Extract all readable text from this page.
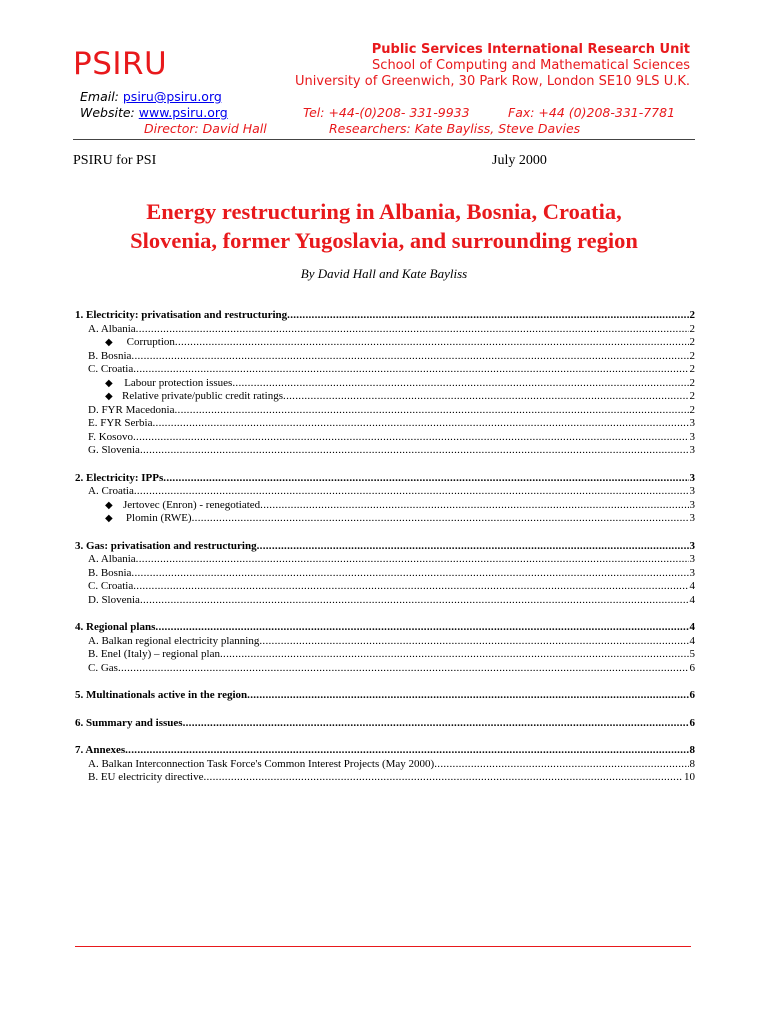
PSIRU	Public Services International Research Unit
School of Computing and Mathematical Sciences
University of Greenwich, 30 Park Row, London SE10 9LS U.K.
Email: psiru@psiru.org
Website: www.psiru.org	Tel: +44-(0)208- 331-9933	Fax: +44 (0)208-331-7781
Director: David Hall	Researchers: Kate Bayliss, Steve Davies
PSIRU for PSI	July 2000
Energy restructuring in Albania, Bosnia, Croatia,
Slovenia, former Yugoslavia, and surrounding region
By David Hall and Kate Bayliss
1. Electricity: privatisation and restructuring .....	2
A. Albania .....	2
◆	Corruption .....	2
B. Bosnia .....	2
C. Croatia .....	2
◆	Labour protection issues .....	2
◆ Relative private/public credit ratings .....	2
D. FYR Macedonia .....	2
E. FYR Serbia .....	3
F. Kosovo .....	3
G. Slovenia .....	3
2. Electricity: IPPs .....	3
A. Croatia .....	3
◆ Jertovec (Enron) - renegotiated .....	3
◆	Plomin (RWE) .....	3
3. Gas: privatisation and restructuring .....	3
A. Albania .....	3
B. Bosnia .....	3
C. Croatia .....	4
D. Slovenia .....	4
4. Regional plans .....	4
A. Balkan regional electricity planning .....	4
B. Enel (Italy) – regional plan .....	5
C. Gas .....	6
5. Multinationals active in the region .....	6
6. Summary and issues .....	6
7. Annexes .....	8
A. Balkan Interconnection Task Force's Common Interest Projects (May 2000) .....	8
B. EU electricity directive .....	10
